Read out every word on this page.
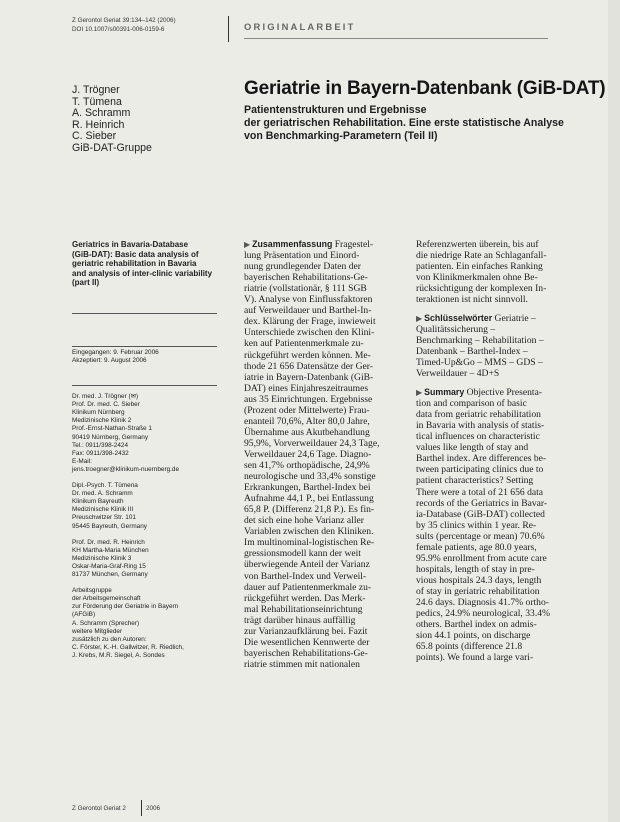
Z Gerontol Geriat 39:134–142 (2006)
DOI 10.1007/s00391-006-0159-6	ORIGINALARBEIT
J. Trögner
T. Tümena
A. Schramm
R. Heinrich
C. Sieber
GiB-DAT-Gruppe
Geriatrie in Bayern-Datenbank (GiB-DAT)
Patientenstrukturen und Ergebnisse
der geriatrischen Rehabilitation. Eine erste statistische Analyse
von Benchmarking-Parametern (Teil II)
Geriatrics in Bavaria-Database
(GiB-DAT): Basic data analysis of
geriatric rehabilitation in Bavaria
and analysis of inter-clinic variability
(part II)
Eingegangen: 9. Februar 2006
Akzeptiert: 9. August 2006
Dr. med. J. Trögner (✉)
Prof. Dr. med. C. Sieber
Klinikum Nürnberg
Medizinische Klinik 2
Prof.-Ernst-Nathan-Straße 1
90419 Nürnberg, Germany
Tel.: 0911/398-2424
Fax: 0911/398-2432
E-Mail:
jens.troegner@klinikum-nuernberg.de
Dipl.-Psych. T. Tümena
Dr. med. A. Schramm
Klinikum Bayreuth
Medizinische Klinik III
Preuschwitzer Str. 101
95445 Bayreuth, Germany
Prof. Dr. med. R. Heinrich
KH Martha-Maria München
Medizinische Klinik 3
Oskar-Maria-Graf-Ring 15
81737 München, Germany
Arbeitsgruppe
der Arbeitsgemeinschaft
zur Förderung der Geriatrie in Bayern
(AFGiB)
A. Schramm (Sprecher)
weitere Mitglieder
zusätzlich zu den Autoren:
C. Förster, K.-H. Gallwitzer, R. Riedlich,
J. Krebs, M.R. Siegel, A. Sondes
▶ Zusammenfassung Fragestel-
lung Präsentation und Einord-
nung grundlegender Daten der
bayerischen Rehabilitations-Ge-
riatrie (vollstationär, § 111 SGB
V). Analyse von Einflussfaktoren
auf Verweildauer und Barthel-In-
dex. Klärung der Frage, inwieweit
Unterschiede zwischen den Klini-
ken auf Patientenmerkmale zu-
rückgeführt werden können. Me-
thode 21 656 Datensätze der Ger-
iatrie in Bayern-Datenbank (GiB-
DAT) eines Einjahreszeitraumes
aus 35 Einrichtungen. Ergebnisse
(Prozent oder Mittelwerte) Frau-
enanteil 70,6%, Alter 80,0 Jahre,
Übernahme aus Akutbehandlung
95,9%, Vorverweildauer 24,3 Tage,
Verweildauer 24,6 Tage. Diagno-
sen 41,7% orthopädische, 24,9%
neurologische und 33,4% sonstige
Erkrankungen, Barthel-Index bei
Aufnahme 44,1 P., bei Entlassung
65,8 P. (Differenz 21,8 P.). Es fin-
det sich eine hohe Varianz aller
Variablen zwischen den Kliniken.
Im multinominal-logistischen Re-
gressionsmodell kann der weit
überwiegende Anteil der Varianz
von Barthel-Index und Verweil-
dauer auf Patientenmerkmale zu-
rückgeführt werden. Das Merk-
mal Rehabilitationseinrichtung
trägt darüber hinaus auffällig
zur Varianzaufklärung bei. Fazit
Die wesentlichen Kennwerte der
bayerischen Rehabilitations-Ge-
riatrie stimmen mit nationalen
Referenzwerten überein, bis auf
die niedrige Rate an Schlaganfall-
patienten. Ein einfaches Ranking
von Klinikmerkmalen ohne Be-
rücksichtigung der komplexen In-
teraktionen ist nicht sinnvoll.
▶ Schlüsselwörter Geriatrie –
Qualitätssicherung –
Benchmarking – Rehabilitation –
Datenbank – Barthel-Index –
Timed-Up&Go – MMS – GDS –
Verweildauer – 4D+S
▶ Summary Objective Presenta-
tion and comparison of basic
data from geriatric rehabilitation
in Bavaria with analysis of statis-
tical influences on characteristic
values like length of stay and
Barthel index. Are differences be-
tween participating clinics due to
patient characteristics? Setting
There were a total of 21 656 data
records of the Geriatrics in Bavar-
ia-Database (GiB-DAT) collected
by 35 clinics within 1 year. Re-
sults (percentage or mean) 70.6%
female patients, age 80.0 years,
95.9% enrollment from acute care
hospitals, length of stay in pre-
vious hospitals 24.3 days, length
of stay in geriatric rehabilitation
24.6 days. Diagnosis 41.7% ortho-
pedics, 24.9% neurological, 33.4%
others. Barthel index on admis-
sion 44.1 points, on discharge
65.8 points (difference 21.8
points). We found a large vari-
Z Gerontol Geriat 2	2006
